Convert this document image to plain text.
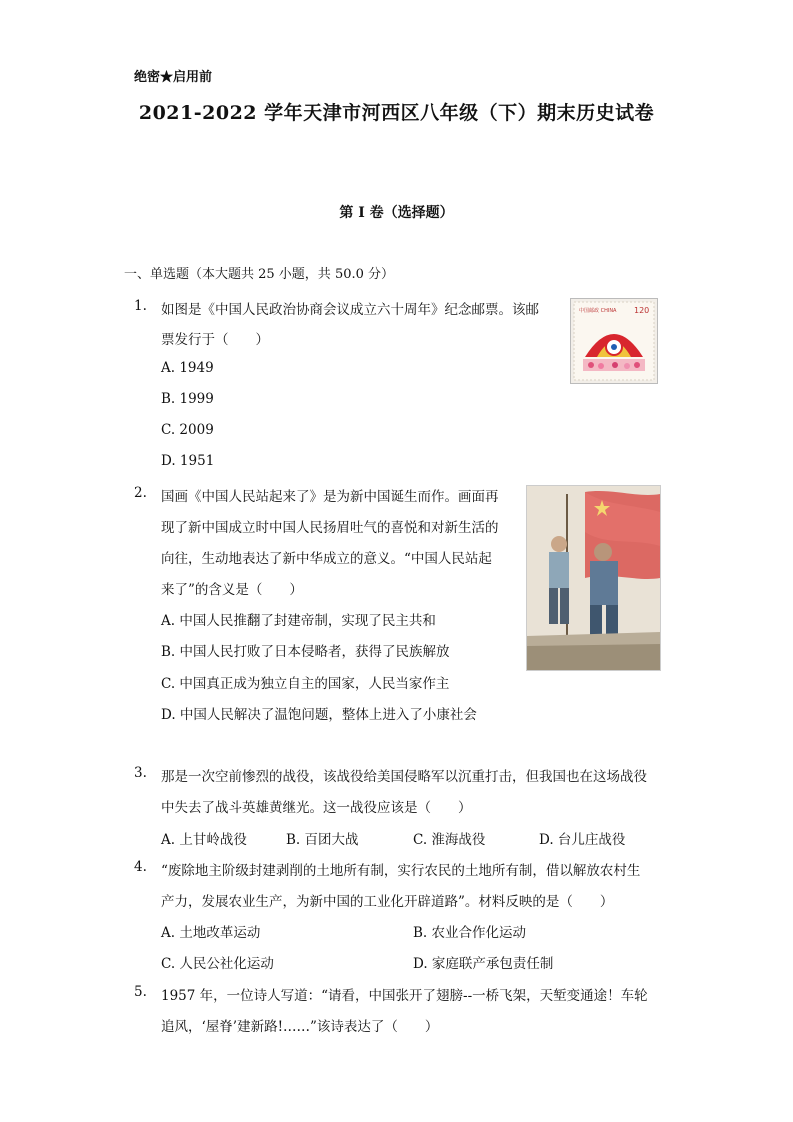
绝密★启用前
2021-2022 学年天津市河西区八年级（下）期末历史试卷
第 I 卷（选择题）
一、单选题（本大题共 25 小题，共 50.0 分）
1. 如图是《中国人民政治协商会议成立六十周年》纪念邮票。该邮
票发行于（　　）
A. 1949
B. 1999
C. 2009
D. 1951
中国邮政 CHINA 120
2. 国画《中国人民站起来了》是为新中国诞生而作。画面再
现了新中国成立时中国人民扬眉吐气的喜悦和对新生活的
向往，生动地表达了新中华成立的意义。“中国人民站起
来了”的含义是（　　）
A. 中国人民推翻了封建帝制，实现了民主共和
B. 中国人民打败了日本侵略者，获得了民族解放
C. 中国真正成为独立自主的国家，人民当家作主
D. 中国人民解决了温饱问题，整体上进入了小康社会
3. 那是一次空前惨烈的战役，该战役给美国侵略军以沉重打击，但我国也在这场战役
中失去了战斗英雄黄继光。这一战役应该是（　　）
A. 上甘岭战役	B. 百团大战	C. 淮海战役	D. 台儿庄战役
4. “废除地主阶级封建剥削的土地所有制，实行农民的土地所有制，借以解放农村生
产力，发展农业生产，为新中国的工业化开辟道路”。材料反映的是（　　）
A. 土地改革运动	B. 农业合作化运动
C. 人民公社化运动	D. 家庭联产承包责任制
5. 1957 年，一位诗人写道：“请看，中国张开了翅膀--一桥飞架，天堑变通途！车轮
追风，‘屋脊’建新路!……”该诗表达了（　　）
